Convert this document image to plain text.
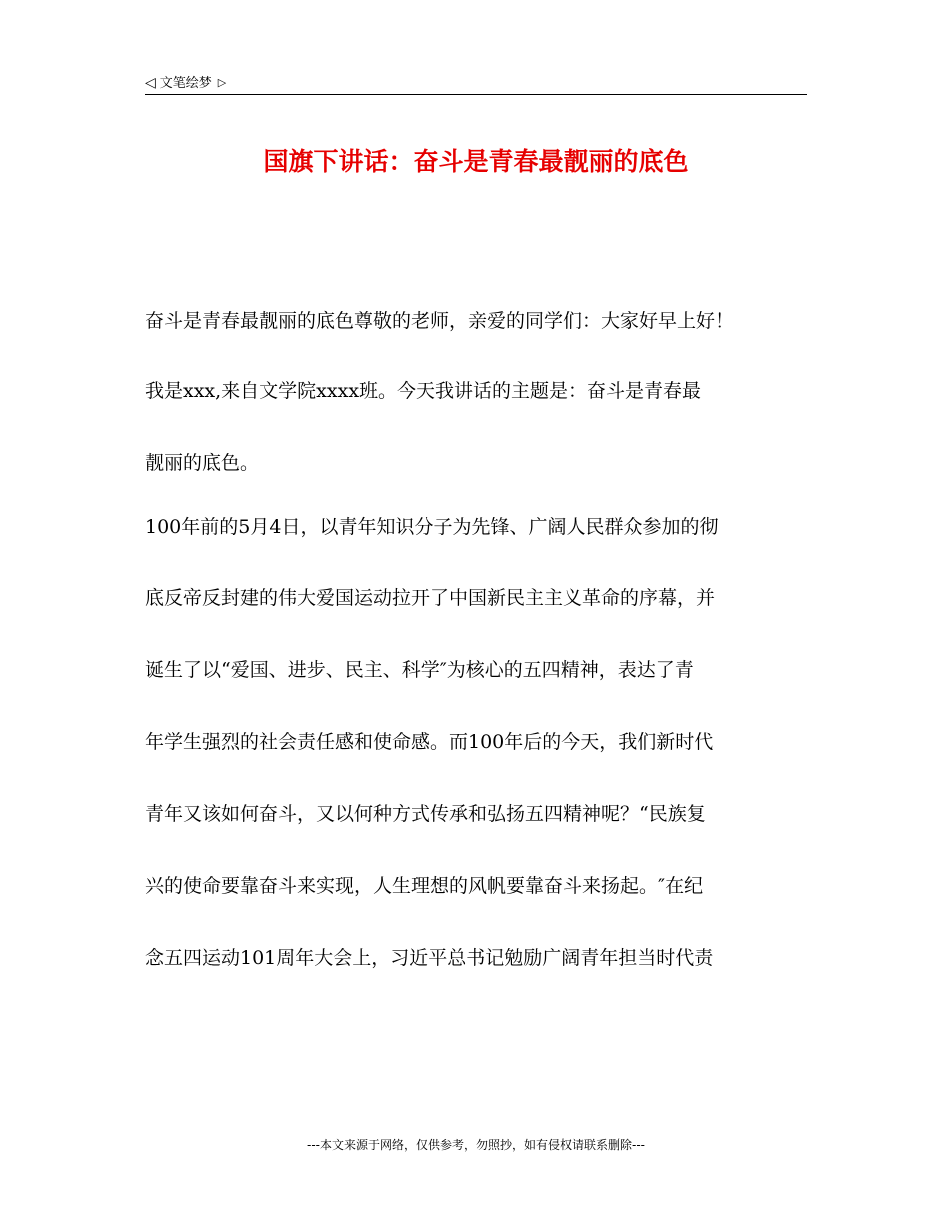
◁ 文笔绘梦 ▷
国旗下讲话：奋斗是青春最靓丽的底色
奋斗是青春最靓丽的底色尊敬的老师，亲爱的同学们：大家好早上好！
我是xxx,来自文学院xxxx班。今天我讲话的主题是：奋斗是青春最
靓丽的底色。
100年前的5月4日，以青年知识分子为先锋、广阔人民群众参加的彻
底反帝反封建的伟大爱国运动拉开了中国新民主主义革命的序幕，并
诞生了以“爱国、进步、民主、科学″为核心的五四精神，表达了青
年学生强烈的社会责任感和使命感。而100年后的今天，我们新时代
青年又该如何奋斗，又以何种方式传承和弘扬五四精神呢？“民族复
兴的使命要靠奋斗来实现，人生理想的风帆要靠奋斗来扬起。″在纪
念五四运动101周年大会上，习近平总书记勉励广阔青年担当时代责
---本文来源于网络，仅供参考，勿照抄，如有侵权请联系删除---
